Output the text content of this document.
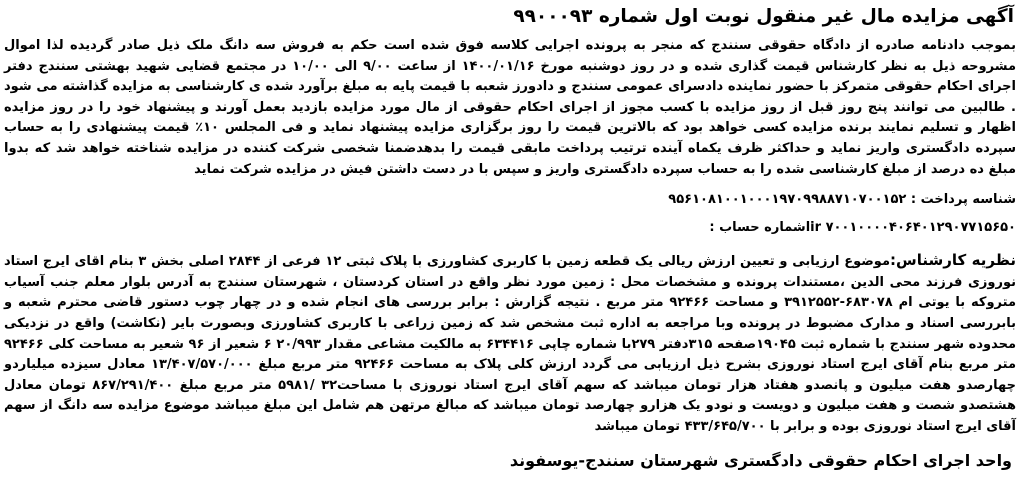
آگهی مزایده مال غیر منقول نوبت اول شماره ۹۹۰۰۰۹۳

بموجب دادنامه صادره از دادگاه حقوقی سنندج که منجر به پرونده اجرایی کلاسه فوق شده است حکم به فروش سه دانگ ملک ذیل صادر گردیده لذا اموال مشروحه ذیل به نظر کارشناس قیمت گذاری شده و در روز دوشنبه مورخ ۱۴۰۰/۰۱/۱۶ از ساعت ۹/۰۰ الی ۱۰/۰۰ در مجتمع قضایی شهید بهشتی سنندج دفتر اجرای احکام حقوقی متمرکز با حضور نماینده دادسرای عمومی سنندج و دادورز شعبه با قیمت پایه به مبلغ برآورد شده ی کارشناسی به مزایده گذاشته می شود . طالبین می توانند پنج روز قبل از روز مزایده با کسب مجوز از اجرای احکام حقوقی از مال مورد مزایده بازدید بعمل آورند و پیشنهاد خود را در روز مزایده اظهار و تسلیم نمایند برنده مزایده کسی خواهد بود که بالاترین قیمت را روز برگزاری مزایده پیشنهاد نماید و فی المجلس ۱۰٪ قیمت پیشنهادی را به حساب سپرده دادگستری واریز نماید و حداکثر ظرف یکماه آینده ترتیب پرداخت مابقی قیمت را بدهدضمنا شخصی شرکت کننده در مزایده شناخته خواهد شد که بدوا مبلغ ده درصد از مبلغ کارشناسی شده را به حساب سپرده دادگستری واریز و سپس با در دست داشتن فیش در مزایده شرکت نماید

شناسه پرداخت : ۹۵۶۱۰۸۱۰۰۱۰۰۰۱۹۷۰۹۹۸۸۷۱۰۷۰۰۱۵۲

ir ۷۰۰۱۰۰۰۰۴۰۶۴۰۱۲۹۰۷۷۱۵۶۵۰اشماره حساب :

نظریه کارشناس:موضوع ارزیابی و تعیین ارزش ریالی یک قطعه زمین با کاربری کشاورزی با پلاک ثبتی ۱۲ فرعی از ۲۸۴۴ اصلی بخش ۳ بنام اقای ایرج استاد نوروزی فرزند محی الدین ،مستندات پرونده و مشخصات محل : زمین مورد نظر واقع در استان کردستان ، شهرستان سنندج به آدرس بلوار معلم جنب آسیاب متروکه با یوتی ام ۶۸۳۰۷۸-۳۹۱۲۵۵۲ و مساحت ۹۲۴۶۶ متر مربع . نتیجه گزارش : برابر بررسی های انجام شده و در چهار چوب دستور قاضی محترم شعبه و بابررسی اسناد و مدارک مضبوط در پرونده وبا مراجعه به اداره ثبت مشخص شد که زمین زراعی با کاربری کشاورزی وبصورت بایر (نکاشت) واقع در نزدیکی محدوده شهر سنندج با شماره ثبت ۱۹۰۴۵صفحه ۳۱۵دفتر ۲۷۹با شماره چاپی ۶۳۴۴۱۶ به مالکیت مشاعی مقدار ۲۰/۹۹۳ ۶ شعیر از ۹۶ شعیر به مساحت کلی ۹۲۴۶۶ متر مربع بنام آقای ایرج استاد نوروزی بشرح ذیل ارزیابی می گردد ارزش کلی پلاک به مساحت ۹۲۴۶۶ متر مربع مبلغ ۱۳/۴۰۷/۵۷۰/۰۰۰ معادل سیزده میلیاردو چهارصدو هفت میلیون و پانصدو هفتاد هزار تومان میباشد که سهم آقای ایرج استاد نوروزی با مساحت۳۲ /۵۹۸۱ متر مربع مبلغ ۸۶۷/۲۹۱/۴۰۰ تومان معادل هشتصدو شصت و هفت میلیون و دویست و نودو یک هزارو چهارصد تومان میباشد که مبالغ مرتهن هم شامل این مبلغ میباشد موضوع مزایده سه دانگ از سهم آقای ایرج استاد نوروزی بوده و برابر با ۴۳۳/۶۴۵/۷۰۰ تومان میباشد

واحد اجرای احکام حقوقی دادگستری شهرستان سنندج-یوسفوند
